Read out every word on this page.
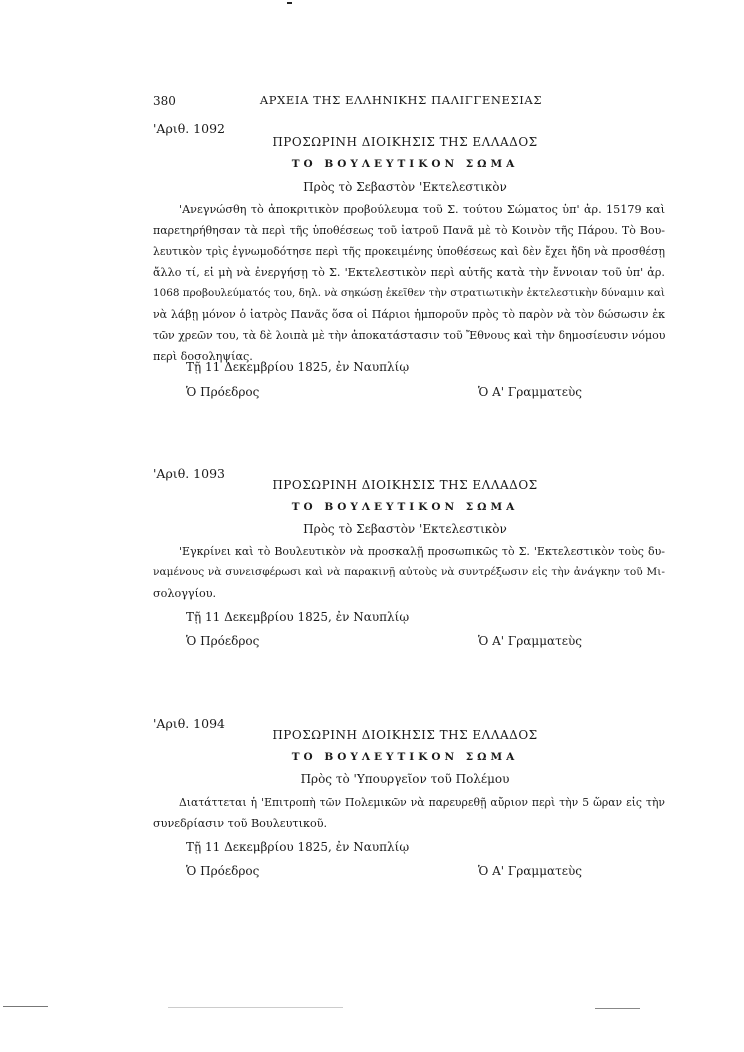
380	ΑΡΧΕΙΑ ΤΗΣ ΕΛΛΗΝΙΚΗΣ ΠΑΛΙΓΓΕΝΕΣΙΑΣ
'Αριθ. 1092
ΠΡΟΣΩΡΙΝΗ ΔΙΟΙΚΗΣΙΣ ΤΗΣ ΕΛΛΑΔΟΣ
ΤΟ ΒΟΥΛΕΥΤΙΚΟΝ ΣΩΜΑ
Πρὸς τὸ Σεβαστὸν 'Εκτελεστικὸν
'Ανεγνώσθη τὸ ἀποκριτικὸν προβούλευμα τοῦ Σ. τούτου Σώματος ὑπ' ἀρ. 15179 καὶ
παρετηρήθησαν τὰ περὶ τῆς ὑποθέσεως τοῦ ἰατροῦ Πανᾶ μὲ τὸ Κοινὸν τῆς Πάρου. Τὸ Βου-
λευτικὸν τρὶς ἐγνωμοδότησε περὶ τῆς προκειμένης ὑποθέσεως καὶ δὲν ἔχει ἤδη νὰ προσθέσῃ
ἄλλο τί, εἰ μὴ νὰ ἐνεργήσῃ τὸ Σ. 'Εκτελεστικὸν περὶ αὐτῆς κατὰ τὴν ἔννοιαν τοῦ ὑπ' ἀρ.
1068 προβουλεύματός του, δηλ. νὰ σηκώσῃ ἐκεῖθεν τὴν στρατιωτικὴν ἐκτελεστικὴν δύναμιν καὶ
νὰ λάβῃ μόνον ὁ ἰατρὸς Πανᾶς ὅσα οἱ Πάριοι ἠμποροῦν πρὸς τὸ παρὸν νὰ τὸν δώσωσιν ἐκ
τῶν χρεῶν του, τὰ δὲ λοιπὰ μὲ τὴν ἀποκατάστασιν τοῦ Ἔθνους καὶ τὴν δημοσίευσιν νόμου
περὶ δοσοληψίας.
Τῇ 11 Δεκεμβρίου 1825, ἐν Ναυπλίῳ
Ὁ Πρόεδρος	Ὁ Α' Γραμματεὺς
'Αριθ. 1093
ΠΡΟΣΩΡΙΝΗ ΔΙΟΙΚΗΣΙΣ ΤΗΣ ΕΛΛΑΔΟΣ
ΤΟ ΒΟΥΛΕΥΤΙΚΟΝ ΣΩΜΑ
Πρὸς τὸ Σεβαστὸν 'Εκτελεστικὸν
'Εγκρίνει καὶ τὸ Βουλευτικὸν νὰ προσκαλῇ προσωπικῶς τὸ Σ. 'Εκτελεστικὸν τοὺς δυ-
ναμένους νὰ συνεισφέρωσι καὶ νὰ παρακινῇ αὐτοὺς νὰ συντρέξωσιν εἰς τὴν ἀνάγκην τοῦ Μι-
σολογγίου.
Τῇ 11 Δεκεμβρίου 1825, ἐν Ναυπλίῳ
Ὁ Πρόεδρος	Ὁ Α' Γραμματεὺς
'Αριθ. 1094
ΠΡΟΣΩΡΙΝΗ ΔΙΟΙΚΗΣΙΣ ΤΗΣ ΕΛΛΑΔΟΣ
ΤΟ ΒΟΥΛΕΥΤΙΚΟΝ ΣΩΜΑ
Πρὸς τὸ 'Υπουργεῖον τοῦ Πολέμου
Διατάττεται ἡ 'Επιτροπὴ τῶν Πολεμικῶν νὰ παρευρεθῇ αὔριον περὶ τὴν 5 ὥραν εἰς τὴν
συνεδρίασιν τοῦ Βουλευτικοῦ.
Τῇ 11 Δεκεμβρίου 1825, ἐν Ναυπλίῳ
Ὁ Πρόεδρος	Ὁ Α' Γραμματεὺς
